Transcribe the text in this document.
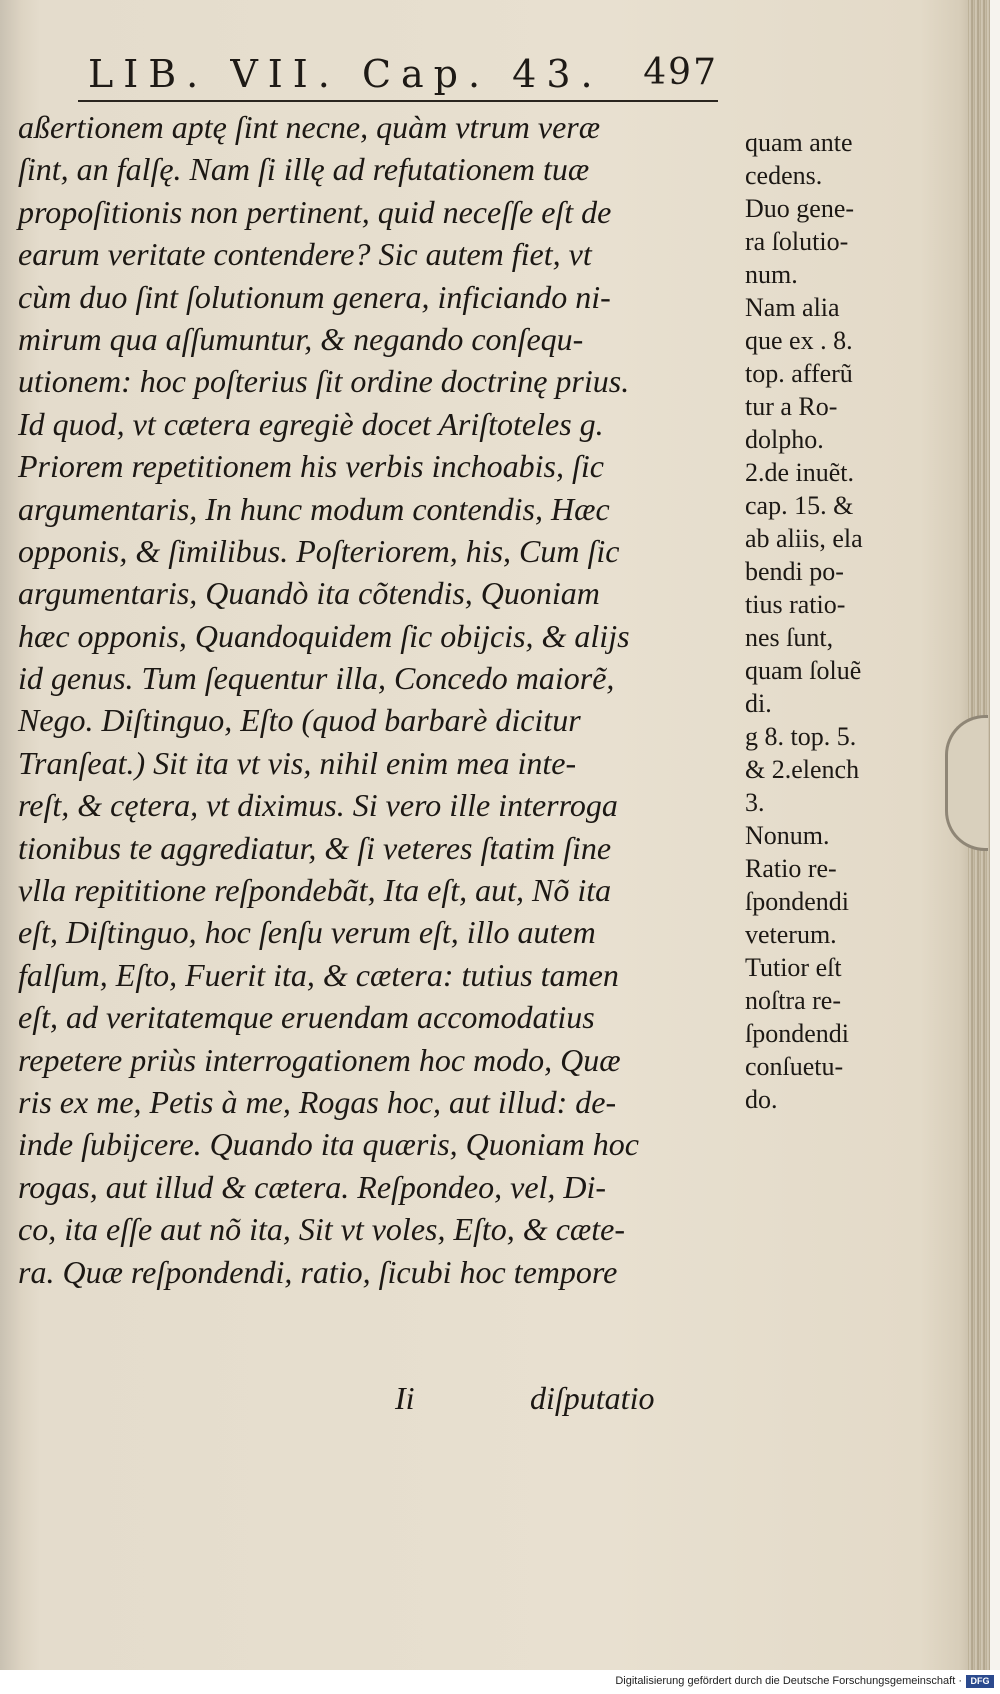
LIB. VII. Cap. 43. 497
aßertionem aptę ſint necne, quàm vtrum veræ
ſint, an falſę. Nam ſi illę ad refutationem tuæ
propoſitionis non pertinent, quid neceſſe eſt de
earum veritate contendere? Sic autem fiet, vt
cùm duo ſint ſolutionum genera, inficiando ni-
mirum qua aſſumuntur, & negando conſequ-
utionem: hoc poſterius ſit ordine doctrinę prius.
Id quod, vt cætera egregiè docet Ariſtoteles g.
Priorem repetitionem his verbis inchoabis, ſic
argumentaris, In hunc modum contendis, Hæc
opponis, & ſimilibus. Poſteriorem, his, Cum ſic
argumentaris, Quandò ita cõtendis, Quoniam
hæc opponis, Quandoquidem ſic obijcis, & alijs
id genus. Tum ſequentur illa, Concedo maiorẽ,
Nego. Diſtinguo, Eſto (quod barbarè dicitur
Tranſeat.) Sit ita vt vis, nihil enim mea inte-
reſt, & cętera, vt diximus. Si vero ille interroga
tionibus te aggrediatur, & ſi veteres ſtatim ſine
vlla repititione reſpondebãt, Ita eſt, aut, Nõ ita
eſt, Diſtinguo, hoc ſenſu verum eſt, illo autem
falſum, Eſto, Fuerit ita, & cætera: tutius tamen
eſt, ad veritatemque eruendam accomodatius
repetere priùs interrogationem hoc modo, Quæ
ris ex me, Petis à me, Rogas hoc, aut illud: de-
inde ſubijcere. Quando ita quæris, Quoniam hoc
rogas, aut illud & cætera. Reſpondeo, vel, Di-
co, ita eſſe aut nõ ita, Sit vt voles, Eſto, & cæte-
ra. Quæ reſpondendi, ratio, ſicubi hoc tempore
Ii	diſputatio
quam ante
cedens.
Duo gene-
ra ſolutio-
num.
Nam alia
que ex . 8.
top. afferũ
tur a Ro-
dolpho.
2.de inuẽt.
cap. 15. &
ab aliis, ela
bendi po-
tius ratio-
nes ſunt,
quam ſoluẽ
di.
g 8. top. 5.
& 2.elench
3.
Nonum.
Ratio re-
ſpondendi
veterum.
Tutior eſt
noſtra re-
ſpondendi
conſuetu-
do.
Digitalisierung gefördert durch die Deutsche Forschungsgemeinschaft · DFG
